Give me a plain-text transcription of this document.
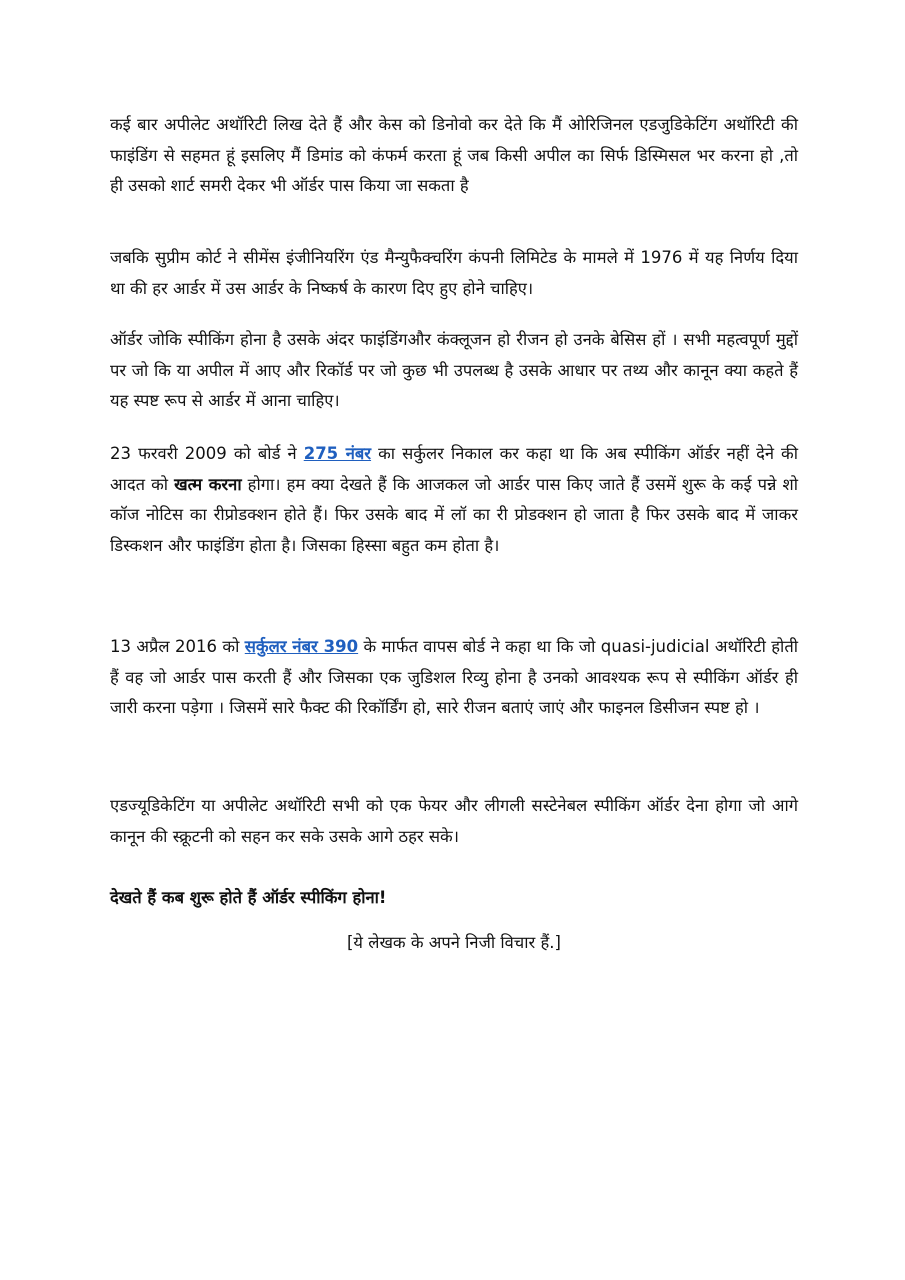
कई बार अपीलेट अथॉरिटी लिख देते हैं और केस को डिनोवो कर देते कि मैं ओरिजिनल एडजुडिकेटिंग अथॉरिटी की फाइंडिंग से सहमत हूं इसलिए मैं डिमांड को कंफर्म करता हूं जब किसी अपील का सिर्फ डिस्मिसल भर करना हो ,तो ही उसको शार्ट समरी देकर भी ऑर्डर पास किया जा सकता है

जबकि सुप्रीम कोर्ट ने सीमेंस इंजीनियरिंग एंड मैन्युफैक्चरिंग कंपनी लिमिटेड के मामले में 1976 में यह निर्णय दिया था की हर आर्डर में उस आर्डर के निष्कर्ष के कारण दिए हुए होने चाहिए।

ऑर्डर जोकि स्पीकिंग होना है उसके अंदर फाइंडिंगऔर कंक्लूजन हो रीजन हो उनके बेसिस हों । सभी महत्वपूर्ण मुद्दों पर जो कि या अपील में आए और रिकॉर्ड पर जो कुछ भी उपलब्ध है उसके आधार पर तथ्य और कानून क्या कहते हैं यह स्पष्ट रूप से आर्डर में आना चाहिए।

23 फरवरी 2009 को बोर्ड ने 275 नंबर का सर्कुलर निकाल कर कहा था कि अब स्पीकिंग ऑर्डर नहीं देने की आदत को खत्म करना होगा। हम क्या देखते हैं कि आजकल जो आर्डर पास किए जाते हैं उसमें शुरू के कई पन्ने शो कॉज नोटिस का रीप्रोडक्शन होते हैं। फिर उसके बाद में लॉ का री प्रोडक्शन हो जाता है फिर उसके बाद में जाकर डिस्कशन और फाइंडिंग होता है। जिसका हिस्सा बहुत कम होता है।

13 अप्रैल 2016 को सर्कुलर नंबर 390 के मार्फत वापस बोर्ड ने कहा था कि जो quasi-judicial अथॉरिटी होती हैं वह जो आर्डर पास करती हैं और जिसका एक जुडिशल रिव्यु होना है उनको आवश्यक रूप से स्पीकिंग ऑर्डर ही जारी करना पड़ेगा । जिसमें सारे फैक्ट की रिकॉर्डिंग हो, सारे रीजन बताएं जाएं और फाइनल डिसीजन स्पष्ट हो ।

एडज्यूडिकेटिंग या अपीलेट अथॉरिटी सभी को एक फेयर और लीगली सस्टेनेबल स्पीकिंग ऑर्डर देना होगा जो आगे कानून की स्क्रूटनी को सहन कर सके उसके आगे ठहर सके।

देखते हैं कब शुरू होते हैं ऑर्डर स्पीकिंग होना!

[ये लेखक के अपने निजी विचार हैं.]
